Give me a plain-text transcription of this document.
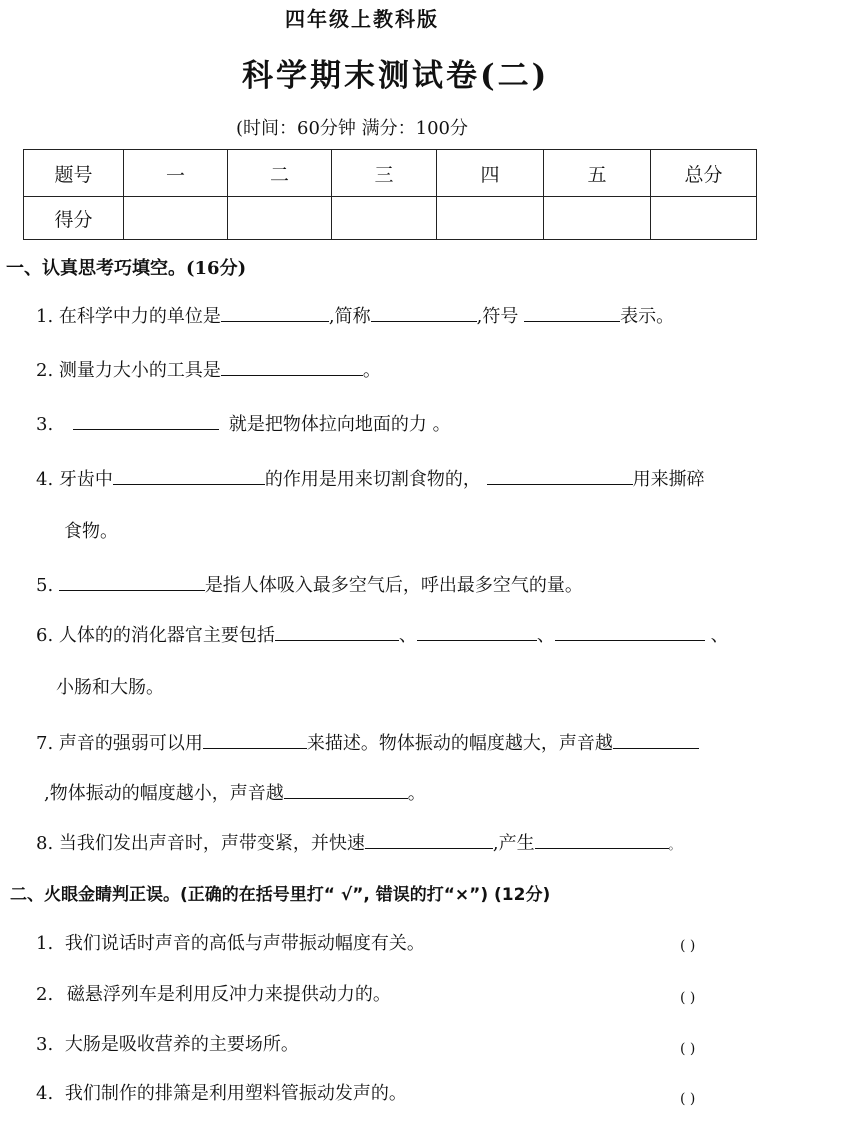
四年级上教科版
科学期末测试卷(二)
(时间：60分钟 满分：100分
题号	一	二	三	四	五	总分
得分						
一、认真思考巧填空。(16分)
1. 在科学中力的单位是	,简称	,符号	表示。
2. 测量力大小的工具是	。
3.	就是把物体拉向地面的力 。
4. 牙齿中	的作用是用来切割食物的，	用来撕碎
食物。
5.	是指人体吸入最多空气后，呼出最多空气的量。
6. 人体的的消化器官主要包括	、	、	、
小肠和大肠。
7. 声音的强弱可以用	来描述。物体振动的幅度越大，声音越
,物体振动的幅度越小，声音越	。
8. 当我们发出声音时，声带变紧，并快速	,产生	。
二、火眼金睛判正误。(正确的在括号里打“ √”, 错误的打“×”) (12分)
1. 我们说话时声音的高低与声带振动幅度有关。	( )
2. 磁悬浮列车是利用反冲力来提供动力的。	( )
3. 大肠是吸收营养的主要场所。	( )
4. 我们制作的排箫是利用塑料管振动发声的。	( )
